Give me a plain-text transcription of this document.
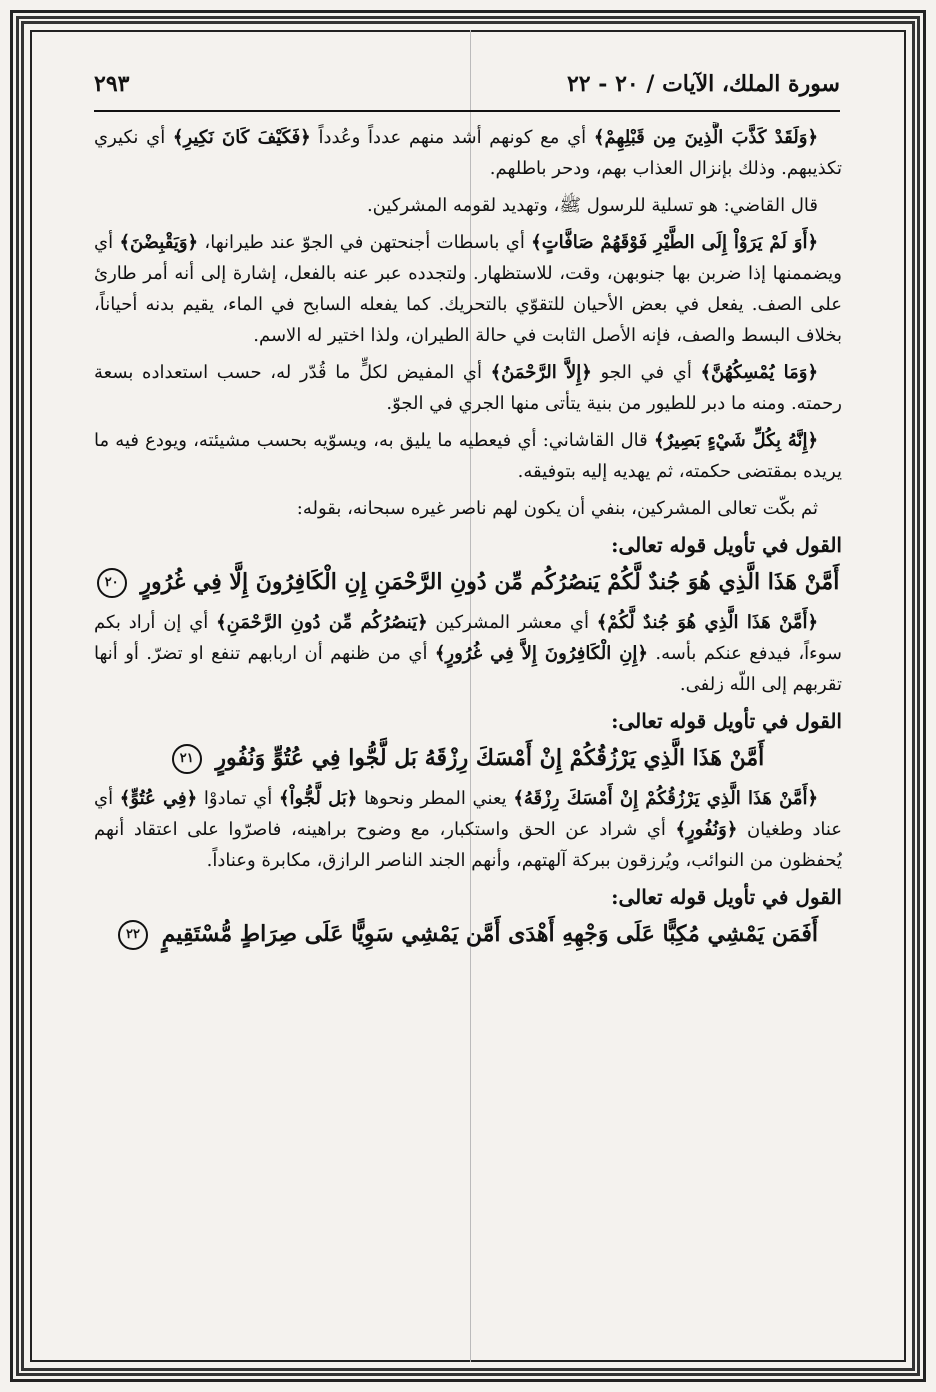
سورة الملك، الآيات / ٢٠ - ٢٢
٢٩٣

﴿وَلَقَدْ كَذَّبَ الَّذِينَ مِن قَبْلِهِمْ﴾ أي مع كونهم أشد منهم عدداً وعُدداً ﴿فَكَيْفَ كَانَ نَكِيرِ﴾ أي نكيري تكذيبهم. وذلك بإنزال العذاب بهم، ودحر باطلهم.

قال القاضي: هو تسلية للرسول ﷺ، وتهديد لقومه المشركين.

﴿أَوَ لَمْ يَرَوْاْ إِلَى الطَّيْرِ فَوْقَهُمْ صَافَّاتٍ﴾ أي باسطات أجنحتهن في الجوّ عند طيرانها، ﴿وَيَقْبِضْنَ﴾ أي ويضممنها إذا ضربن بها جنوبهن، وقت، للاستظهار. ولتجدده عبر عنه بالفعل، إشارة إلى أنه أمر طارئ على الصف. يفعل في بعض الأحيان للتقوّي بالتحريك. كما يفعله السابح في الماء، يقيم بدنه أحياناً، بخلاف البسط والصف، فإنه الأصل الثابت في حالة الطيران، ولذا اختير له الاسم.

﴿وَمَا يُمْسِكُهُنَّ﴾ أي في الجو ﴿إِلاَّ الرَّحْمَنُ﴾ أي المفيض لكلٍّ ما قُدّر له، حسب استعداده بسعة رحمته. ومنه ما دبر للطيور من بنية يتأتى منها الجري في الجوّ.

﴿إِنَّهُ بِكُلِّ شَيْءٍ بَصِيرٌ﴾ قال القاشاني: أي فيعطيه ما يليق به، ويسوّيه بحسب مشيئته، ويودع فيه ما يريده بمقتضى حكمته، ثم يهديه إليه بتوفيقه.

ثم بكّت تعالى المشركين، بنفي أن يكون لهم ناصر غيره سبحانه، بقوله:

القول في تأويل قوله تعالى:
أَمَّنْ هَذَا الَّذِي هُوَ جُندٌ لَّكُمْ يَنصُرُكُم مِّن دُونِ الرَّحْمَنِ إِنِ الْكَافِرُونَ إِلَّا فِي غُرُورٍ ٢٠

﴿أَمَّنْ هَذَا الَّذِي هُوَ جُندٌ لَّكُمْ﴾ أي معشر المشركين ﴿يَنصُرُكُم مِّن دُونِ الرَّحْمَنِ﴾ أي إن أراد بكم سوءاً، فيدفع عنكم بأسه. ﴿إِنِ الْكَافِرُونَ إِلاَّ فِي غُرُورٍ﴾ أي من ظنهم أن اربابهم تنفع او تضرّ. أو أنها تقربهم إلى اللّه زلفى.

القول في تأويل قوله تعالى:
أَمَّنْ هَذَا الَّذِي يَرْزُقُكُمْ إِنْ أَمْسَكَ رِزْقَهُ بَل لَّجُّوا فِي عُتُوٍّ وَنُفُورٍ ٢١

﴿أَمَّنْ هَذَا الَّذِي يَرْزُقُكُمْ إِنْ أَمْسَكَ رِزْقَهُ﴾ يعني المطر ونحوها ﴿بَل لَّجُّواْ﴾ أي تمادوْا ﴿فِي عُتُوٍّ﴾ أي عناد وطغيان ﴿وَنُفُورٍ﴾ أي شراد عن الحق واستكبار، مع وضوح براهينه، فاصرّوا على اعتقاد أنهم يُحفظون من النوائب، ويُرزقون ببركة آلهتهم، وأنهم الجند الناصر الرازق، مكابرة وعناداً.

القول في تأويل قوله تعالى:
أَفَمَن يَمْشِي مُكِبًّا عَلَى وَجْهِهِ أَهْدَى أَمَّن يَمْشِي سَوِيًّا عَلَى صِرَاطٍ مُّسْتَقِيمٍ ٢٢
